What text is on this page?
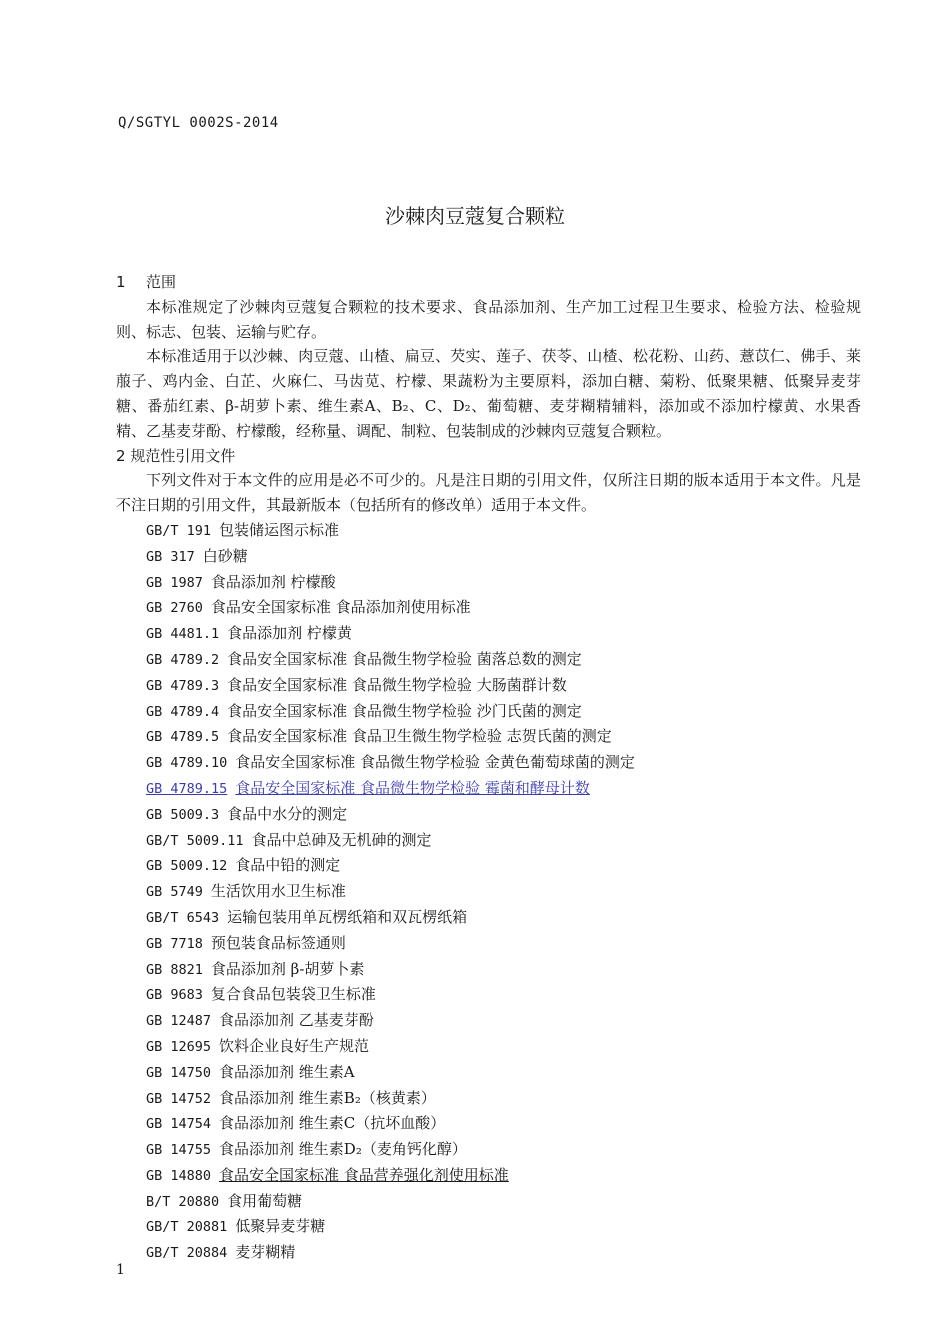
Q/SGTYL 0002S-2014
沙棘肉豆蔻复合颗粒

1 范围

本标准规定了沙棘肉豆蔻复合颗粒的技术要求、食品添加剂、生产加工过程卫生要求、检验方法、检验规则、标志、包装、运输与贮存。

本标准适用于以沙棘、肉豆蔻、山楂、扁豆、芡实、莲子、茯苓、山楂、松花粉、山药、薏苡仁、佛手、莱菔子、鸡内金、白芷、火麻仁、马齿苋、柠檬、果蔬粉为主要原料，添加白糖、菊粉、低聚果糖、低聚异麦芽糖、番茄红素、β-胡萝卜素、维生素A、B₂、C、D₂、葡萄糖、麦芽糊精辅料，添加或不添加柠檬黄、水果香精、乙基麦芽酚、柠檬酸，经称量、调配、制粒、包装制成的沙棘肉豆蔻复合颗粒。

2 规范性引用文件

下列文件对于本文件的应用是必不可少的。凡是注日期的引用文件，仅所注日期的版本适用于本文件。凡是不注日期的引用文件，其最新版本（包括所有的修改单）适用于本文件。

GB/T 191 包装储运图示标准
GB 317 白砂糖
GB 1987 食品添加剂 柠檬酸
GB 2760 食品安全国家标准 食品添加剂使用标准
GB 4481.1 食品添加剂 柠檬黄
GB 4789.2 食品安全国家标准 食品微生物学检验 菌落总数的测定
GB 4789.3 食品安全国家标准 食品微生物学检验 大肠菌群计数
GB 4789.4 食品安全国家标准 食品微生物学检验 沙门氏菌的测定
GB 4789.5 食品安全国家标准 食品卫生微生物学检验 志贺氏菌的测定
GB 4789.10 食品安全国家标准 食品微生物学检验 金黄色葡萄球菌的测定
GB 4789.15 食品安全国家标准 食品微生物学检验 霉菌和酵母计数
GB 5009.3 食品中水分的测定
GB/T 5009.11 食品中总砷及无机砷的测定
GB 5009.12 食品中铅的测定
GB 5749 生活饮用水卫生标准
GB/T 6543 运输包装用单瓦楞纸箱和双瓦楞纸箱
GB 7718 预包装食品标签通则
GB 8821 食品添加剂 β-胡萝卜素
GB 9683 复合食品包装袋卫生标准
GB 12487 食品添加剂 乙基麦芽酚
GB 12695 饮料企业良好生产规范
GB 14750 食品添加剂 维生素A
GB 14752 食品添加剂 维生素B₂（核黄素）
GB 14754 食品添加剂 维生素C（抗坏血酸）
GB 14755 食品添加剂 维生素D₂（麦角钙化醇）
GB 14880 食品安全国家标准 食品营养强化剂使用标准
B/T 20880 食用葡萄糖
GB/T 20881 低聚异麦芽糖
GB/T 20884 麦芽糊精
1
